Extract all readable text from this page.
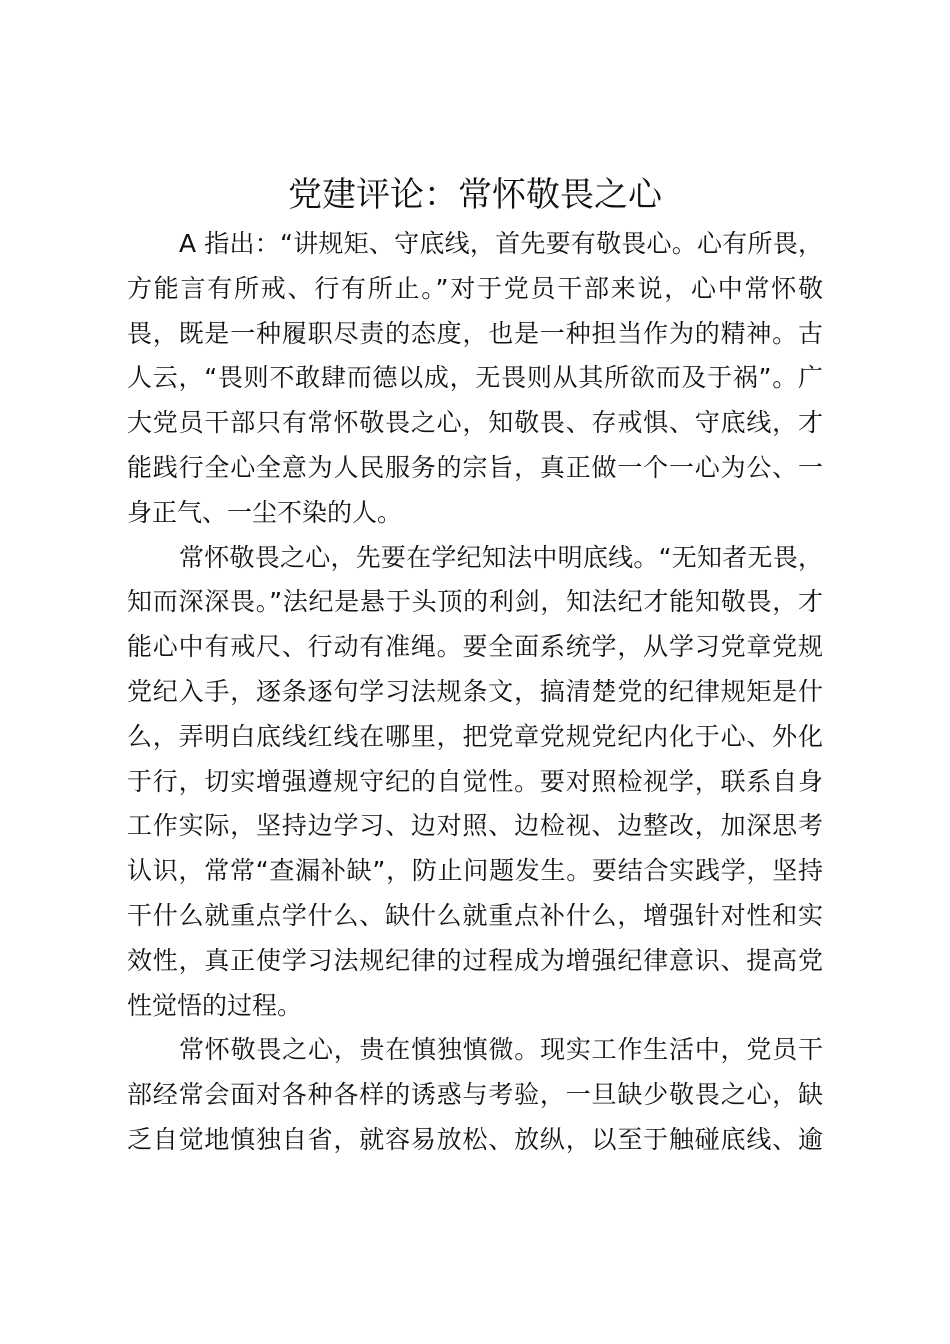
党建评论：常怀敬畏之心
A 指出：“讲规矩、守底线，首先要有敬畏心。心有所畏，
方能言有所戒、行有所止。”对于党员干部来说，心中常怀敬
畏，既是一种履职尽责的态度，也是一种担当作为的精神。古
人云，“畏则不敢肆而德以成，无畏则从其所欲而及于祸”。广
大党员干部只有常怀敬畏之心，知敬畏、存戒惧、守底线，才
能践行全心全意为人民服务的宗旨，真正做一个一心为公、一
身正气、一尘不染的人。
常怀敬畏之心，先要在学纪知法中明底线。“无知者无畏，
知而深深畏。”法纪是悬于头顶的利剑，知法纪才能知敬畏，才
能心中有戒尺、行动有准绳。要全面系统学，从学习党章党规
党纪入手，逐条逐句学习法规条文，搞清楚党的纪律规矩是什
么，弄明白底线红线在哪里，把党章党规党纪内化于心、外化
于行，切实增强遵规守纪的自觉性。要对照检视学，联系自身
工作实际，坚持边学习、边对照、边检视、边整改，加深思考
认识，常常“查漏补缺”，防止问题发生。要结合实践学，坚持
干什么就重点学什么、缺什么就重点补什么，增强针对性和实
效性，真正使学习法规纪律的过程成为增强纪律意识、提高党
性觉悟的过程。
常怀敬畏之心，贵在慎独慎微。现实工作生活中，党员干
部经常会面对各种各样的诱惑与考验，一旦缺少敬畏之心，缺
乏自觉地慎独自省，就容易放松、放纵，以至于触碰底线、逾
